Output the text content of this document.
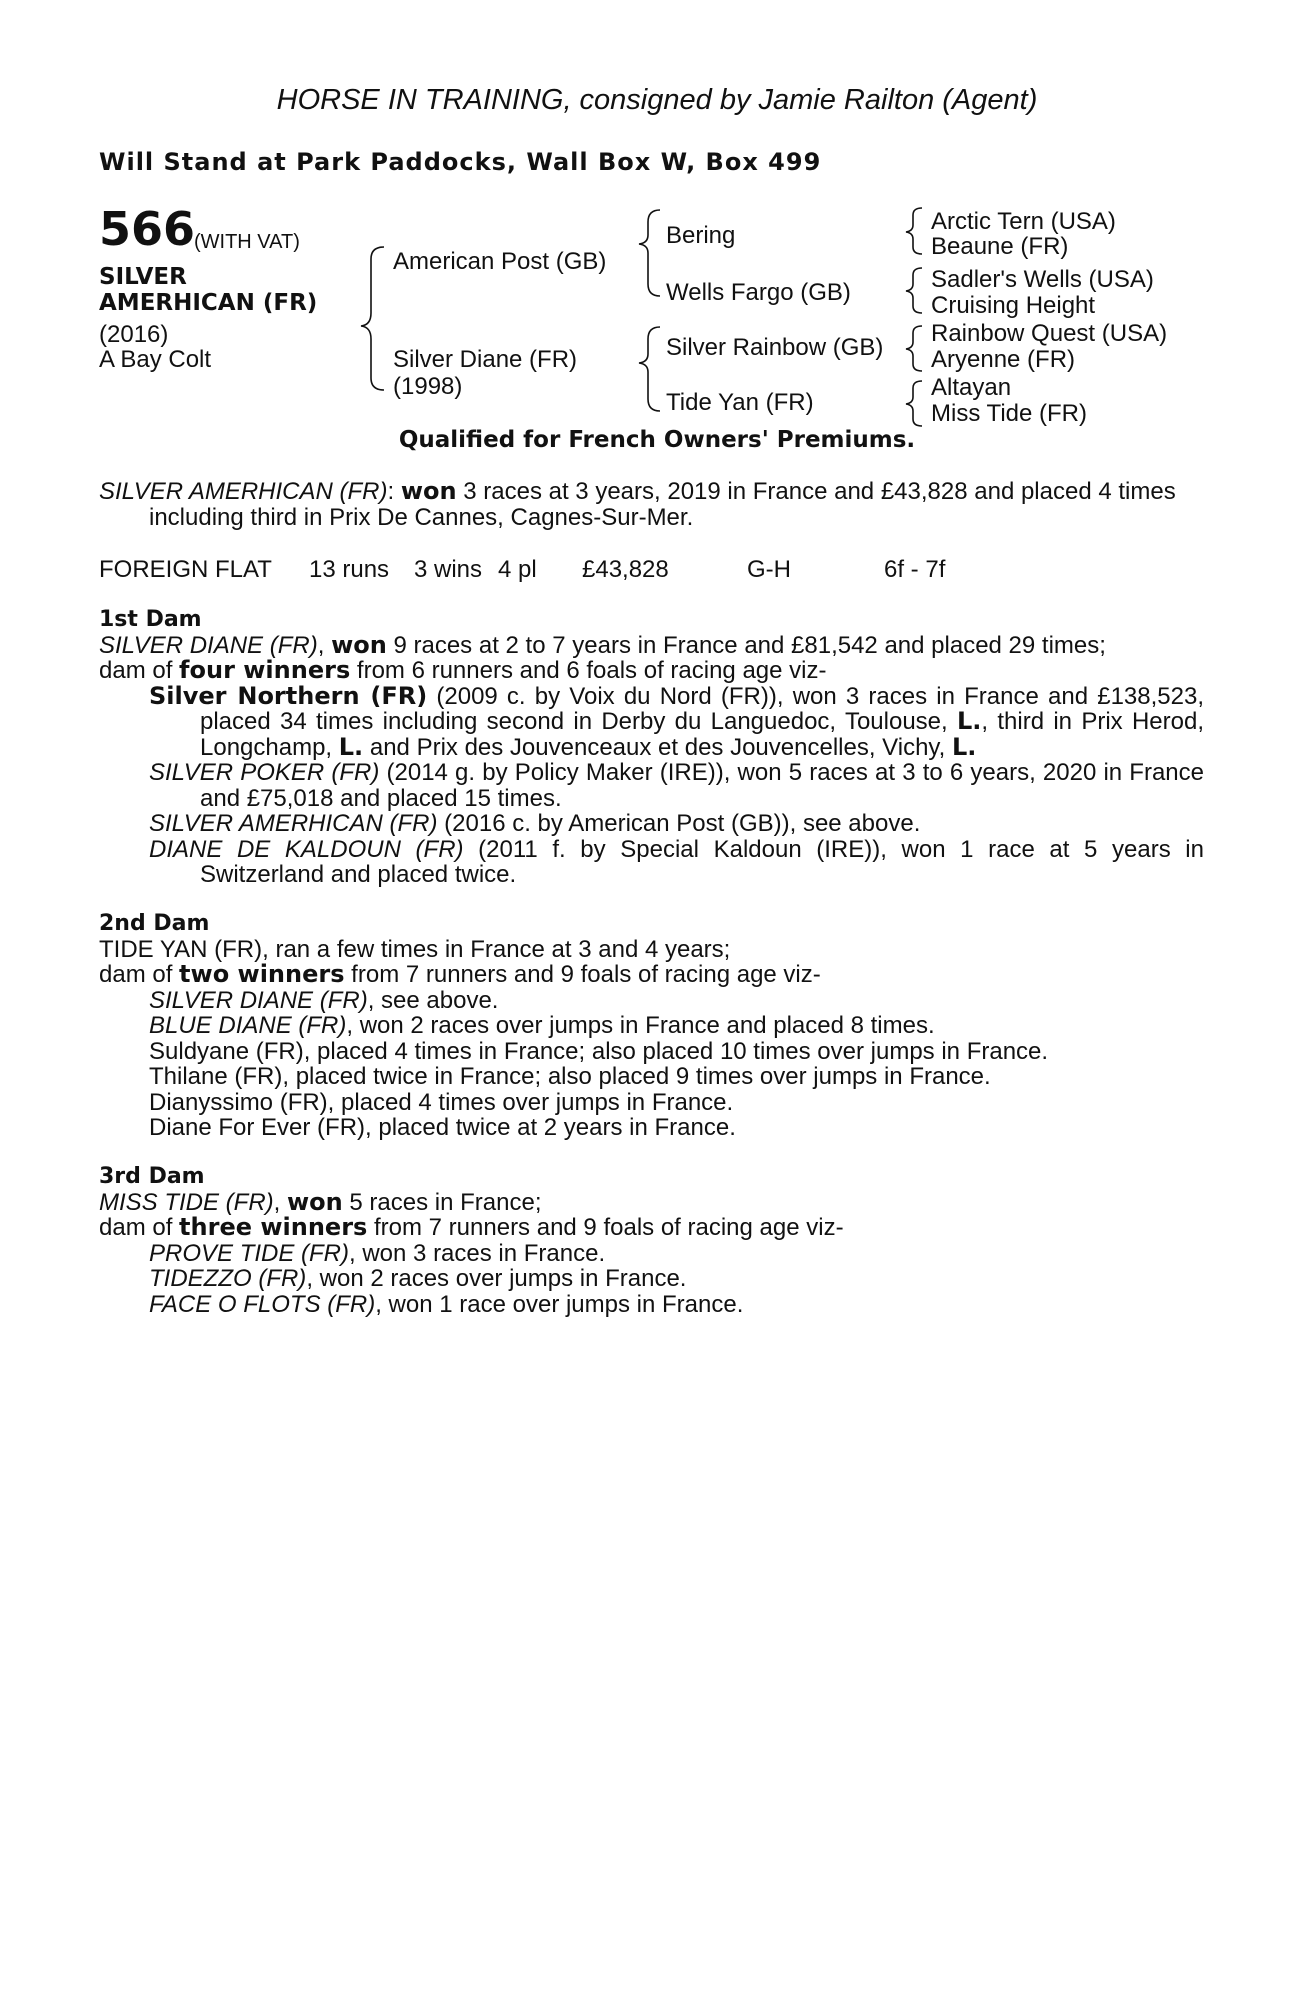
HORSE IN TRAINING, consigned by Jamie Railton (Agent)
Will Stand at Park Paddocks, Wall Box W, Box 499
566
(WITH VAT)
SILVER
AMERHICAN (FR)
(2016)
A Bay Colt
American Post (GB)
Silver Diane (FR)
(1998)
Bering
Wells Fargo (GB)
Silver Rainbow (GB)
Tide Yan (FR)
Arctic Tern (USA)
Beaune (FR)
Sadler's Wells (USA)
Cruising Height
Rainbow Quest (USA)
Aryenne (FR)
Altayan
Miss Tide (FR)
Qualified for French Owners' Premiums.
SILVER AMERHICAN (FR): won 3 races at 3 years, 2019 in France and £43,828 and placed 4 times including third in Prix De Cannes, Cagnes-Sur-Mer.
FOREIGN FLAT 13 runs 3 wins 4 pl £43,828	G-H	6f - 7f
1st Dam
SILVER DIANE (FR), won 9 races at 2 to 7 years in France and £81,542 and placed 29 times;
dam of four winners from 6 runners and 6 foals of racing age viz-
Silver Northern (FR) (2009 c. by Voix du Nord (FR)), won 3 races in France and £138,523, placed 34 times including second in Derby du Languedoc, Toulouse, L., third in Prix Herod, Longchamp, L. and Prix des Jouvenceaux et des Jouvencelles, Vichy, L.
SILVER POKER (FR) (2014 g. by Policy Maker (IRE)), won 5 races at 3 to 6 years, 2020 in France and £75,018 and placed 15 times.
SILVER AMERHICAN (FR) (2016 c. by American Post (GB)), see above.
DIANE DE KALDOUN (FR) (2011 f. by Special Kaldoun (IRE)), won 1 race at 5 years in Switzerland and placed twice.
2nd Dam
TIDE YAN (FR), ran a few times in France at 3 and 4 years;
dam of two winners from 7 runners and 9 foals of racing age viz-
SILVER DIANE (FR), see above.
BLUE DIANE (FR), won 2 races over jumps in France and placed 8 times.
Suldyane (FR), placed 4 times in France; also placed 10 times over jumps in France.
Thilane (FR), placed twice in France; also placed 9 times over jumps in France.
Dianyssimo (FR), placed 4 times over jumps in France.
Diane For Ever (FR), placed twice at 2 years in France.
3rd Dam
MISS TIDE (FR), won 5 races in France;
dam of three winners from 7 runners and 9 foals of racing age viz-
PROVE TIDE (FR), won 3 races in France.
TIDEZZO (FR), won 2 races over jumps in France.
FACE O FLOTS (FR), won 1 race over jumps in France.
